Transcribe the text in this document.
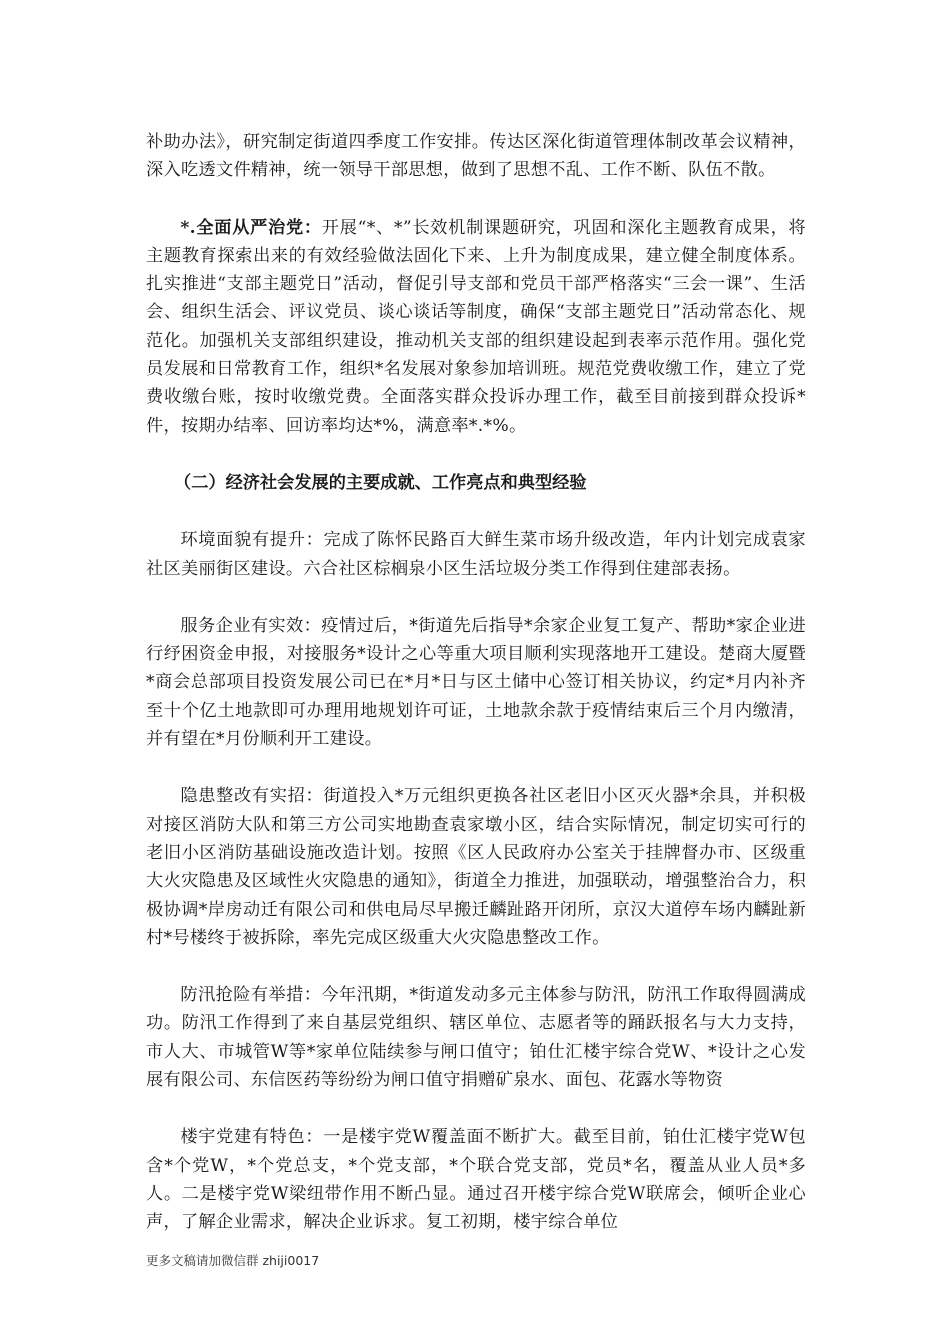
补助办法》，研究制定街道四季度工作安排。传达区深化街道管理体制改革会议精神，深入吃透文件精神，统一领导干部思想，做到了思想不乱、工作不断、队伍不散。

*.全面从严治党：开展“*、*”长效机制课题研究，巩固和深化主题教育成果，将主题教育探索出来的有效经验做法固化下来、上升为制度成果，建立健全制度体系。扎实推进“支部主题党日”活动，督促引导支部和党员干部严格落实“三会一课”、生活会、组织生活会、评议党员、谈心谈话等制度，确保“支部主题党日”活动常态化、规范化。加强机关支部组织建设，推动机关支部的组织建设起到表率示范作用。强化党员发展和日常教育工作，组织*名发展对象参加培训班。规范党费收缴工作，建立了党费收缴台账，按时收缴党费。全面落实群众投诉办理工作，截至目前接到群众投诉*件，按期办结率、回访率均达*%，满意率*.*%。

（二）经济社会发展的主要成就、工作亮点和典型经验

环境面貌有提升：完成了陈怀民路百大鲜生菜市场升级改造，年内计划完成袁家社区美丽街区建设。六合社区棕榈泉小区生活垃圾分类工作得到住建部表扬。

服务企业有实效：疫情过后，*街道先后指导*余家企业复工复产、帮助*家企业进行纾困资金申报，对接服务*设计之心等重大项目顺利实现落地开工建设。楚商大厦暨*商会总部项目投资发展公司已在*月*日与区土储中心签订相关协议，约定*月内补齐至十个亿土地款即可办理用地规划许可证，土地款余款于疫情结束后三个月内缴清，并有望在*月份顺利开工建设。

隐患整改有实招：街道投入*万元组织更换各社区老旧小区灭火器*余具，并积极对接区消防大队和第三方公司实地勘查袁家墩小区，结合实际情况，制定切实可行的老旧小区消防基础设施改造计划。按照《区人民政府办公室关于挂牌督办市、区级重大火灾隐患及区域性火灾隐患的通知》，街道全力推进，加强联动，增强整治合力，积极协调*岸房动迁有限公司和供电局尽早搬迁麟趾路开闭所，京汉大道停车场内麟趾新村*号楼终于被拆除，率先完成区级重大火灾隐患整改工作。

防汛抢险有举措：今年汛期，*街道发动多元主体参与防汛，防汛工作取得圆满成功。防汛工作得到了来自基层党组织、辖区单位、志愿者等的踊跃报名与大力支持，市人大、市城管W等*家单位陆续参与闸口值守；铂仕汇楼宇综合党W、*设计之心发展有限公司、东信医药等纷纷为闸口值守捐赠矿泉水、面包、花露水等物资

楼宇党建有特色：一是楼宇党W覆盖面不断扩大。截至目前，铂仕汇楼宇党W包含*个党W，*个党总支，*个党支部，*个联合党支部，党员*名，覆盖从业人员*多人。二是楼宇党W梁纽带作用不断凸显。通过召开楼宇综合党W联席会，倾听企业心声，了解企业需求，解决企业诉求。复工初期，楼宇综合单位

更多文稿请加微信群 zhiji0017
